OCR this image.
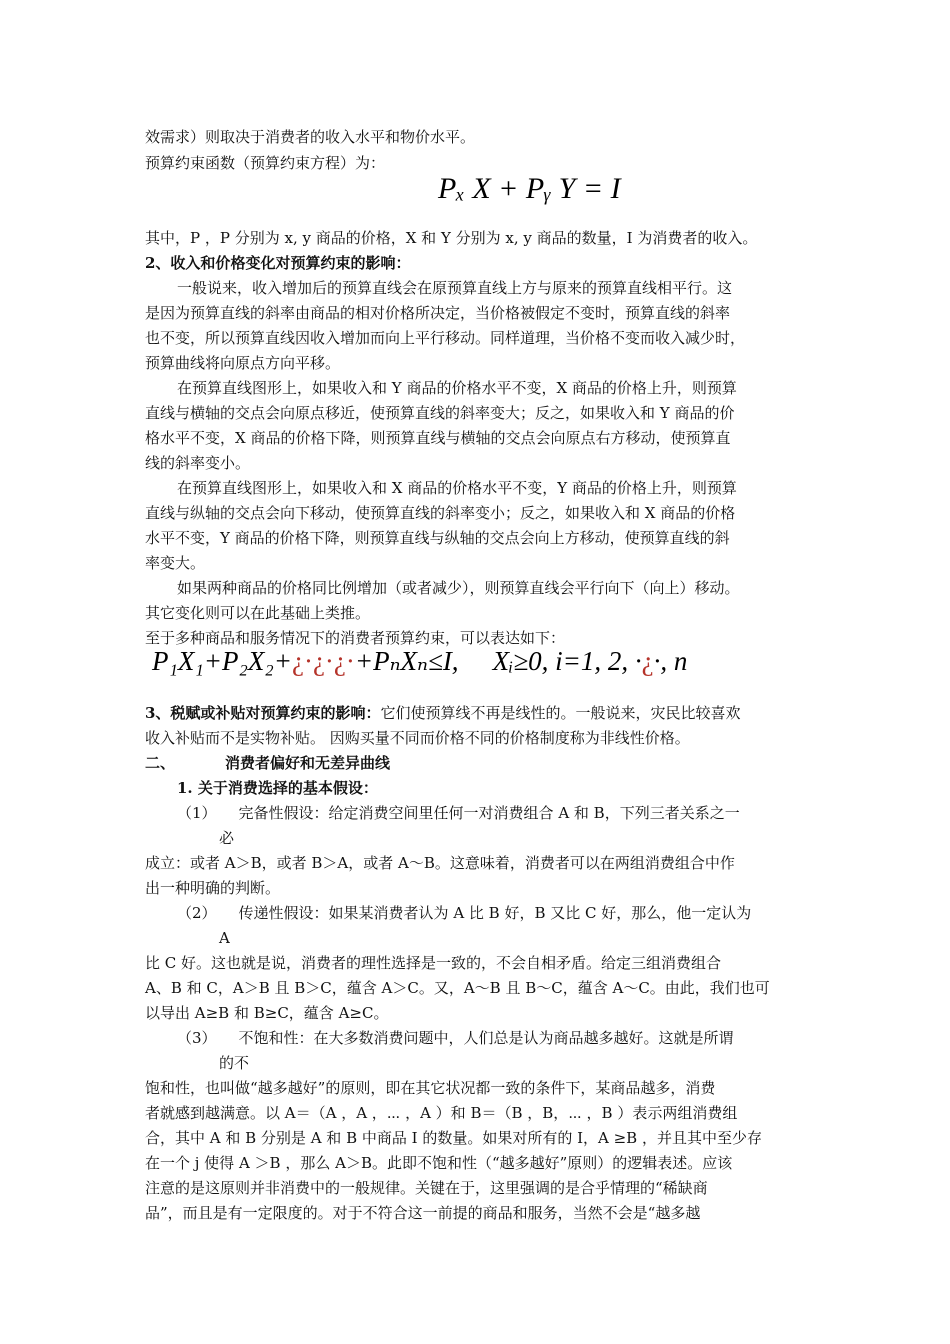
效需求）则取决于消费者的收入水平和物价水平。
预算约束函数（预算约束方程）为：
Pₓ X + Pᵧ Y = I
其中，P ，P 分别为 x, y 商品的价格，X 和 Y 分别为 x, y 商品的数量，I 为消费者的收入。
2、收入和价格变化对预算约束的影响：
一般说来，收入增加后的预算直线会在原预算直线上方与原来的预算直线相平行。这
是因为预算直线的斜率由商品的相对价格所决定，当价格被假定不变时，预算直线的斜率
也不变，所以预算直线因收入增加而向上平行移动。同样道理，当价格不变而收入减少时，
预算曲线将向原点方向平移。
在预算直线图形上，如果收入和 Y 商品的价格水平不变，X 商品的价格上升，则预算
直线与横轴的交点会向原点移近，使预算直线的斜率变大；反之，如果收入和 Y 商品的价
格水平不变，X 商品的价格下降，则预算直线与横轴的交点会向原点右方移动，使预算直
线的斜率变小。
在预算直线图形上，如果收入和 X 商品的价格水平不变，Y 商品的价格上升，则预算
直线与纵轴的交点会向下移动，使预算直线的斜率变小；反之，如果收入和 X 商品的价格
水平不变，Y 商品的价格下降，则预算直线与纵轴的交点会向上方移动，使预算直线的斜
率变大。
如果两种商品的价格同比例增加（或者减少），则预算直线会平行向下（向上）移动。
其它变化则可以在此基础上类推。
至于多种商品和服务情况下的消费者预算约束，可以表达如下：
P₁X₁+P₂X₂+¿·¿·¿·+PₙXₙ≤I, Xᵢ≥0, i=1, 2, ·¿·, n
3、税赋或补贴对预算约束的影响：它们使预算线不再是线性的。一般说来，灾民比较喜欢
收入补贴而不是实物补贴。 因购买量不同而价格不同的价格制度称为非线性价格。
二、	消费者偏好和无差异曲线
1. 关于消费选择的基本假设：
（1） 完备性假设：给定消费空间里任何一对消费组合 A 和 B，下列三者关系之一
必
成立：或者 A＞B，或者 B＞A，或者 A～B。这意味着，消费者可以在两组消费组合中作
出一种明确的判断。
（2） 传递性假设：如果某消费者认为 A 比 B 好，B 又比 C 好，那么，他一定认为
A
比 C 好。这也就是说，消费者的理性选择是一致的，不会自相矛盾。给定三组消费组合
A、B 和 C，A＞B 且 B＞C，蕴含 A＞C。又，A～B 且 B～C，蕴含 A～C。由此，我们也可
以导出 A≥B 和 B≥C，蕴含 A≥C。
（3） 不饱和性：在大多数消费问题中，人们总是认为商品越多越好。这就是所谓
的不
饱和性，也叫做“越多越好”的原则，即在其它状况都一致的条件下，某商品越多，消费
者就感到越满意。以 A＝（A ，A ，⋯ ，A ）和 B＝（B ，B，⋯ ，B ）表示两组消费组
合，其中 A 和 B 分别是 A 和 B 中商品 I 的数量。如果对所有的 I，A ≥B ，并且其中至少存
在一个 j 使得 A ＞B ，那么 A＞B。此即不饱和性（“越多越好”原则）的逻辑表述。应该
注意的是这原则并非消费中的一般规律。关键在于，这里强调的是合乎情理的“稀缺商
品”，而且是有一定限度的。对于不符合这一前提的商品和服务，当然不会是“越多越
